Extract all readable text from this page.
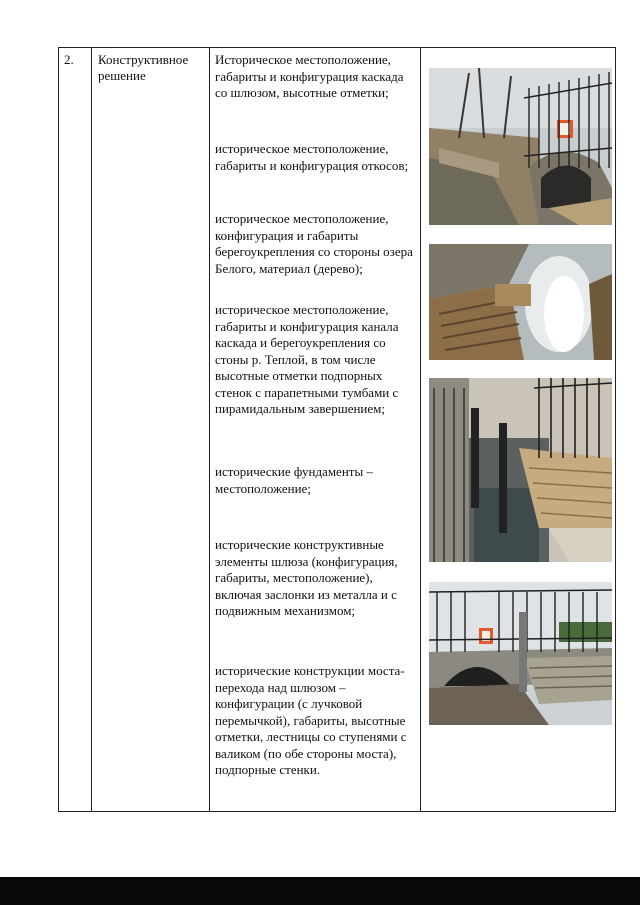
2. Конструктивное решение
Историческое местоположение, габариты и конфигурация каскада со шлюзом, высотные отметки;
историческое местоположение, габариты и конфигурация откосов;
историческое местоположение, конфигурация и габариты берегоукрепления со стороны озера Белого, материал (дерево);
историческое местоположение, габариты и конфигурация канала каскада и берегоукрепления со стоны р. Теплой, в том числе высотные отметки подпорных стенок с парапетными тумбами с пирамидальным завершением;
исторические фундаменты – местоположение;
исторические конструктивные элементы шлюза (конфигурация, габариты, местоположение), включая заслонки из металла и с подвижным механизмом;
исторические конструкции моста-перехода над шлюзом – конфигурации (с лучковой перемычкой), габариты, высотные отметки, лестницы со ступенями с валиком (по обе стороны моста), подпорные стенки.
